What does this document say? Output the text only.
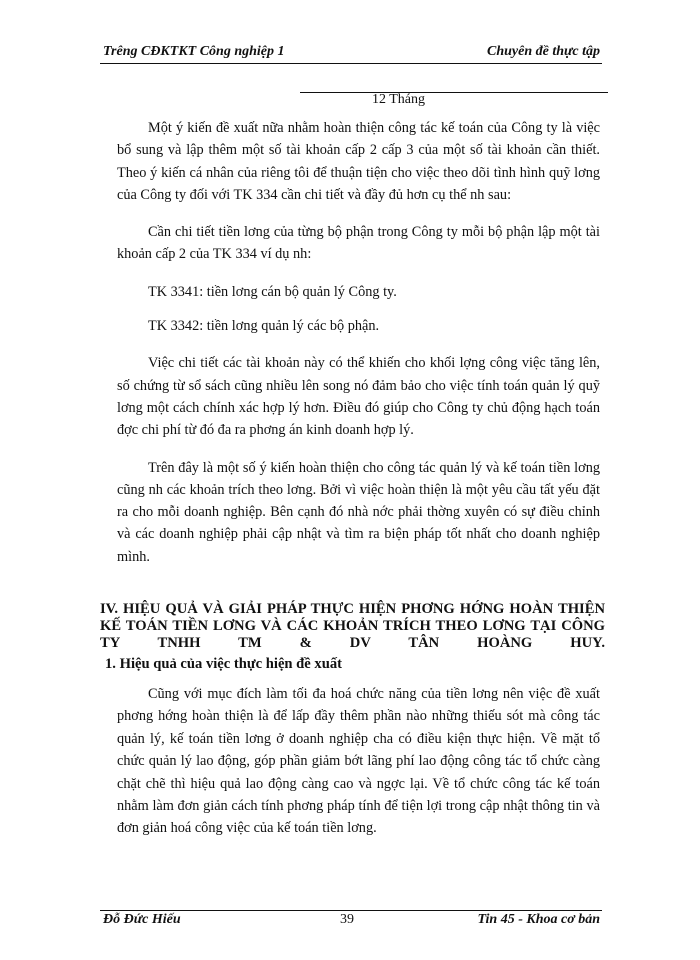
Trêng CĐKTKT Công nghiệp 1	Chuyên đề thực tập
12 Tháng

Một ý kiến đề xuất nữa nhằm hoàn thiện công tác kế toán của Công ty là việc bổ sung và lập thêm một số tài khoản cấp 2 cấp 3 của một số tài khoản cần thiết. Theo ý kiến cá nhân của riêng tôi để thuận tiện cho việc theo dõi tình hình quỹ lơng của Công ty đối với TK 334 cần chi tiết và đầy đủ hơn cụ thể nh sau:

Cần chi tiết tiền lơng của từng bộ phận trong Công ty mỗi bộ phận lập một tài khoản cấp 2 của TK 334 ví dụ nh:

TK 3341: tiền lơng cán bộ quản lý Công ty.

TK 3342: tiền lơng quản lý các bộ phận.

Việc chi tiết các tài khoản này có thể khiến cho khối lợng công việc tăng lên, số chứng từ sổ sách cũng nhiều lên song nó đảm bảo cho việc tính toán quản lý quỹ lơng một cách chính xác hợp lý hơn. Điều đó giúp cho Công ty chủ động hạch toán đợc chi phí từ đó đa ra phơng án kinh doanh hợp lý.

Trên đây là một số ý kiến hoàn thiện cho công tác quản lý và kế toán tiền lơng cũng nh các khoản trích theo lơng. Bởi vì việc hoàn thiện là một yêu cầu tất yếu đặt ra cho mỗi doanh nghiệp. Bên cạnh đó nhà nớc phải thờng xuyên có sự điều chỉnh và các doanh nghiệp phải cập nhật và tìm ra biện pháp tốt nhất cho doanh nghiệp mình.

IV. HIỆU QUẢ VÀ GIẢI PHÁP THỰC HIỆN PHƠNG HỚNG HOÀN THIỆN KẾ TOÁN TIỀN LƠNG VÀ CÁC KHOẢN TRÍCH THEO LƠNG TẠI CÔNG TY TNHH TM & DV TÂN HOÀNG HUY.
1. Hiệu quả của việc thực hiện đề xuất

Cũng với mục đích làm tối đa hoá chức năng của tiền lơng nên việc đề xuất phơng hớng hoàn thiện là để lấp đầy thêm phần nào những thiếu sót mà công tác quản lý, kế toán tiền lơng ở doanh nghiệp cha có điều kiện thực hiện. Về mặt tổ chức quản lý lao động, góp phần giảm bớt lãng phí lao động công tác tổ chức càng chặt chẽ thì hiệu quả lao động càng cao và ngợc lại. Về tổ chức công tác kế toán nhằm làm đơn giản cách tính phơng pháp tính để tiện lợi trong cập nhật thông tin và đơn giản hoá công việc của kế toán tiền lơng.

Đỗ Đức Hiếu	39	Tin 45 - Khoa cơ bản
